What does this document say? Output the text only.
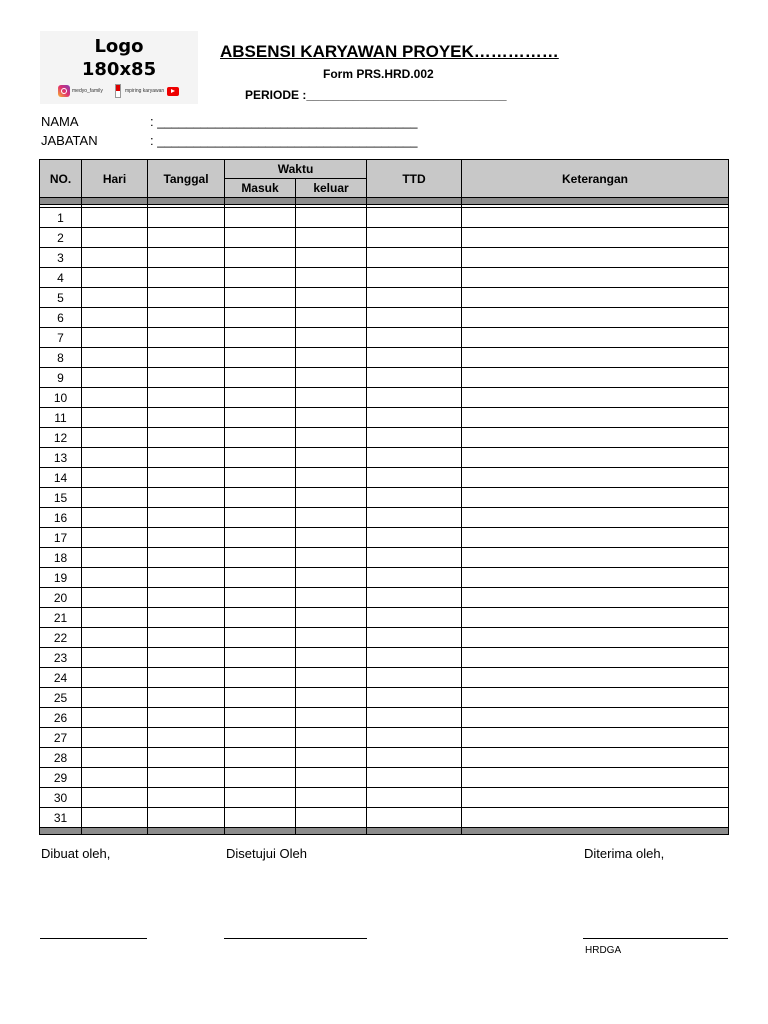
Logo
180x85
medyo_family	mpiring karyawan
ABSENSI KARYAWAN PROYEK……………
Form PRS.HRD.002
PERIODE :______________________________
NAMA	: ____________________________________
JABATAN	: ____________________________________
NO.	Hari	Tanggal	Waktu		TTD	Keterangan
			Masuk	keluar		

1						
2						
3						
4						
5						
6						
7						
8						
9						
10						
11						
12						
13						
14						
15						
16						
17						
18						
19						
20						
21						
22						
23						
24						
25						
26						
27						
28						
29						
30						
31						

Dibuat oleh,	Disetujui Oleh	Diterima oleh,
HRDGA
